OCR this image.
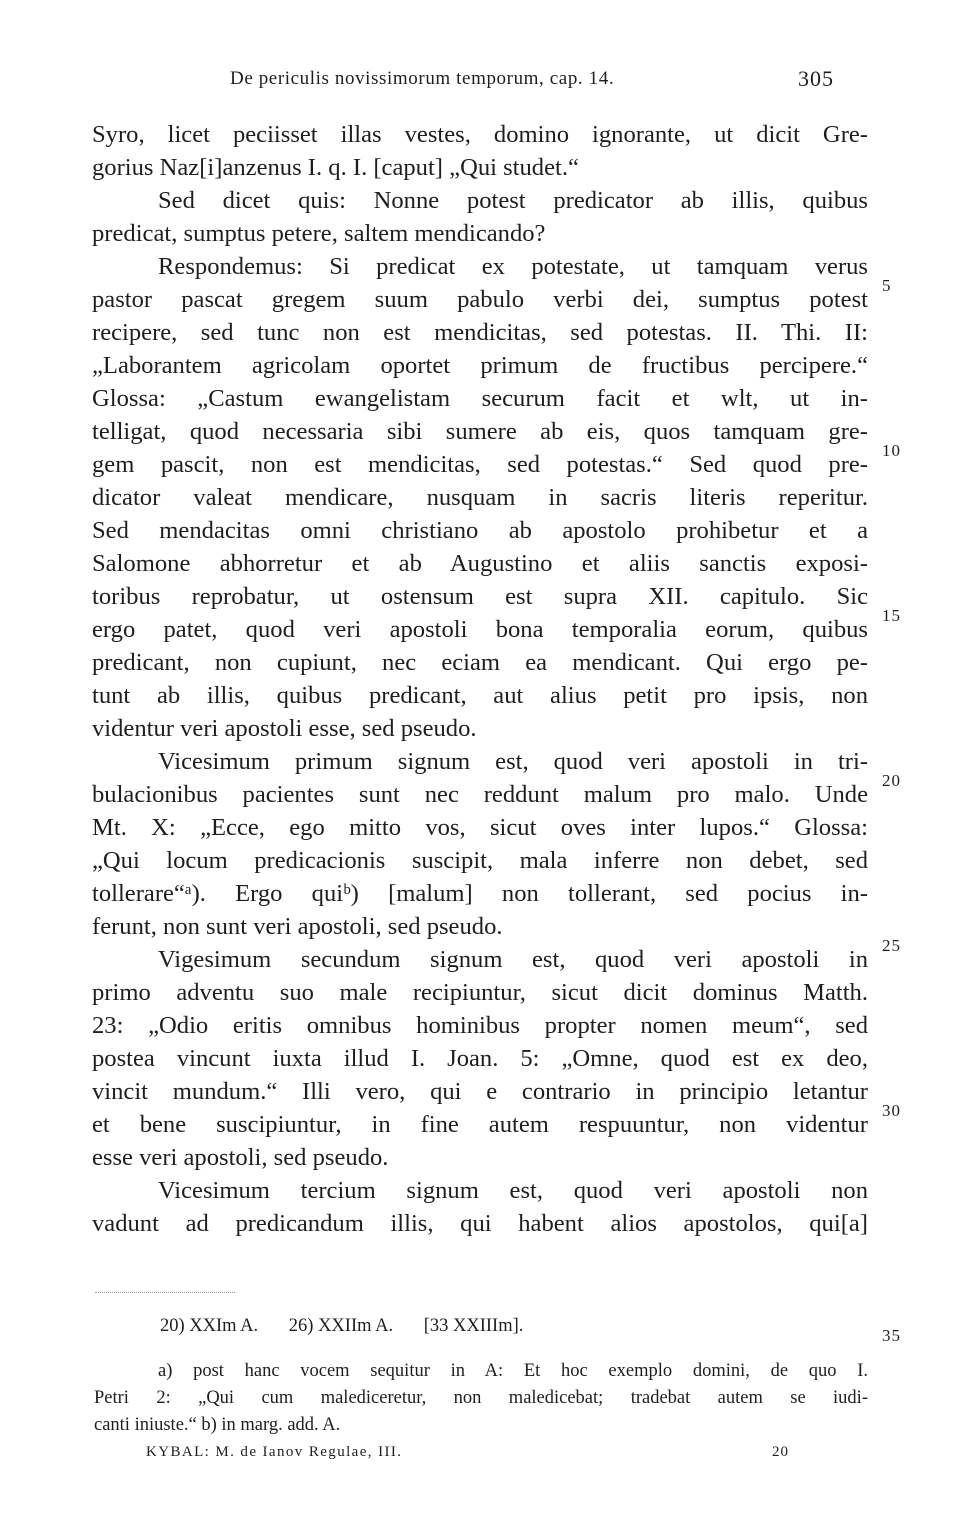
De periculis novissimorum temporum, cap. 14.	305
Syro, licet peciisset illas vestes, domino ignorante, ut dicit Gre-
gorius Naz[i]anzenus I. q. I. [caput] „Qui studet.“
Sed dicet quis: Nonne potest predicator ab illis, quibus
predicat, sumptus petere, saltem mendicando?
Respondemus: Si predicat ex potestate, ut tamquam verus
pastor pascat gregem suum pabulo verbi dei, sumptus potest
recipere, sed tunc non est mendicitas, sed potestas. II. Thi. II:
„Laborantem agricolam oportet primum de fructibus percipere.“
Glossa: „Castum ewangelistam securum facit et wlt, ut in-
telligat, quod necessaria sibi sumere ab eis, quos tamquam gre-
gem pascit, non est mendicitas, sed potestas.“ Sed quod pre-
dicator valeat mendicare, nusquam in sacris literis reperitur.
Sed mendacitas omni christiano ab apostolo prohibetur et a
Salomone abhorretur et ab Augustino et aliis sanctis exposi-
toribus reprobatur, ut ostensum est supra XII. capitulo. Sic
ergo patet, quod veri apostoli bona temporalia eorum, quibus
predicant, non cupiunt, nec eciam ea mendicant. Qui ergo pe-
tunt ab illis, quibus predicant, aut alius petit pro ipsis, non
videntur veri apostoli esse, sed pseudo.
Vicesimum primum signum est, quod veri apostoli in tri-
bulacionibus pacientes sunt nec reddunt malum pro malo. Unde
Mt. X: „Ecce, ego mitto vos, sicut oves inter lupos.“ Glossa:
„Qui locum predicacionis suscipit, mala inferre non debet, sed
tollerare“ᵃ). Ergo quiᵇ) [malum] non tollerant, sed pocius in-
ferunt, non sunt veri apostoli, sed pseudo.
Vigesimum secundum signum est, quod veri apostoli in
primo adventu suo male recipiuntur, sicut dicit dominus Matth.
23: „Odio eritis omnibus hominibus propter nomen meum“, sed
postea vincunt iuxta illud I. Joan. 5: „Omne, quod est ex deo,
vincit mundum.“ Illi vero, qui e contrario in principio letantur
et bene suscipiuntur, in fine autem respuuntur, non videntur
esse veri apostoli, sed pseudo.
Vicesimum tercium signum est, quod veri apostoli non
vadunt ad predicandum illis, qui habent alios apostolos, qui[a]
5
10
15
20
25
30
20) XXIm A. 26) XXIIm A. [33 XXIIIm].	35
a) post hanc vocem sequitur in A: Et hoc exemplo domini, de quo I.
Petri 2: „Qui cum malediceretur, non maledicebat; tradebat autem se iudi-
canti iniuste.“ b) in marg. add. A.
KYBAL: M. de Ianov Regulae, III.	20
